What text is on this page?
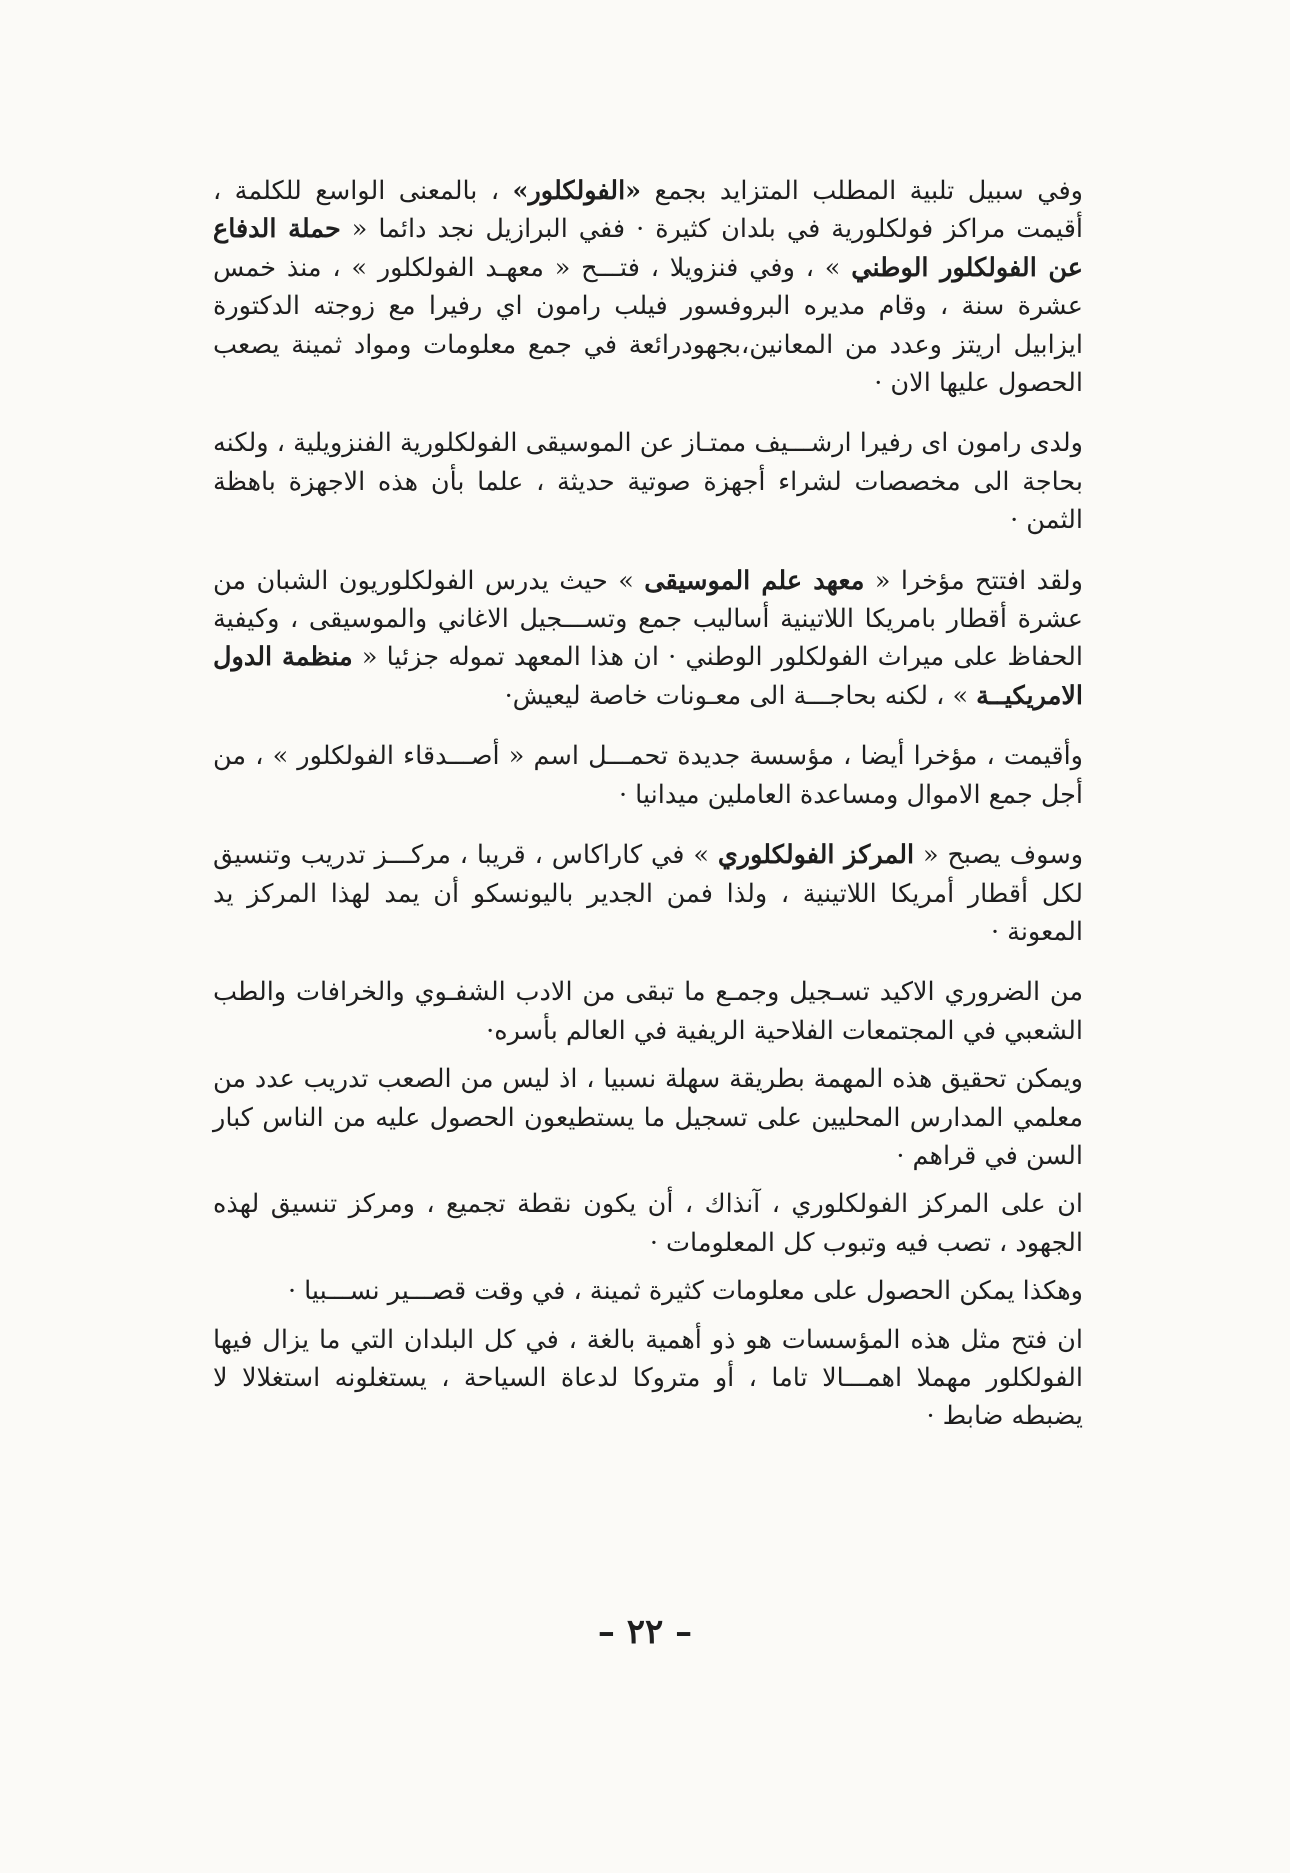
وفي سبيل تلبية المطلب المتزايد بجمع «الفولكلور» ، بالمعنى الواسع للكلمة ، أقيمت مراكز فولكلورية في بلدان كثيرة · ففي البرازيل نجد دائما « حملة الدفاع عن الفولكلور الوطني » ، وفي فنزويلا ، فتـــح « معهـد الفولكلور » ، منذ خمس عشرة سنة ، وقام مديره البروفسور فيلب رامون اي رفيرا مع زوجته الدكتورة ايزابيل اريتز وعدد من المعانين،بجهودرائعة في جمع معلومات ومواد ثمينة يصعب الحصول عليها الان ·

ولدى رامون اى رفيرا ارشـــيف ممتـاز عن الموسيقى الفولكلورية الفنزويلية ، ولكنه بحاجة الى مخصصات لشراء أجهزة صوتية حديثة ، علما بأن هذه الاجهزة باهظة الثمن ·

ولقد افتتح مؤخرا « معهد علم الموسيقى » حيث يدرس الفولكلوريون الشبان من عشرة أقطار بامريكا اللاتينية أساليب جمع وتســـجيل الاغاني والموسيقى ، وكيفية الحفاظ على ميراث الفولكلور الوطني · ان هذا المعهد تموله جزئيا « منظمة الدول الامريكيــة » ، لكنه بحاجـــة الى معـونات خاصة ليعيش·

وأقيمت ، مؤخرا أيضا ، مؤسسة جديدة تحمـــل اسم « أصـــدقاء الفولكلور » ، من أجل جمع الاموال ومساعدة العاملين ميدانيا ·

وسوف يصبح « المركز الفولكلوري » في كاراكاس ، قريبا ، مركـــز تدريب وتنسيق لكل أقطار أمريكا اللاتينية ، ولذا فمن الجدير باليونسكو أن يمد لهذا المركز يد المعونة ·

من الضروري الاكيد تسـجيل وجمـع ما تبقى من الادب الشفـوي والخرافات والطب الشعبي في المجتمعات الفلاحية الريفية في العالم بأسره·

ويمكن تحقيق هذه المهمة بطريقة سهلة نسبيا ، اذ ليس من الصعب تدريب عدد من معلمي المدارس المحليين على تسجيل ما يستطيعون الحصول عليه من الناس كبار السن في قراهم ·

ان على المركز الفولكلوري ، آنذاك ، أن يكون نقطة تجميع ، ومركز تنسيق لهذه الجهود ، تصب فيه وتبوب كل المعلومات ·

وهكذا يمكن الحصول على معلومات كثيرة ثمينة ، في وقت قصـــير نســـبيا ·

ان فتح مثل هذه المؤسسات هو ذو أهمية بالغة ، في كل البلدان التي ما يزال فيها الفولكلور مهملا اهمـــالا تاما ، أو متروكا لدعاة السياحة ، يستغلونه استغلالا لا يضبطه ضابط ·

– ٢٢ –
